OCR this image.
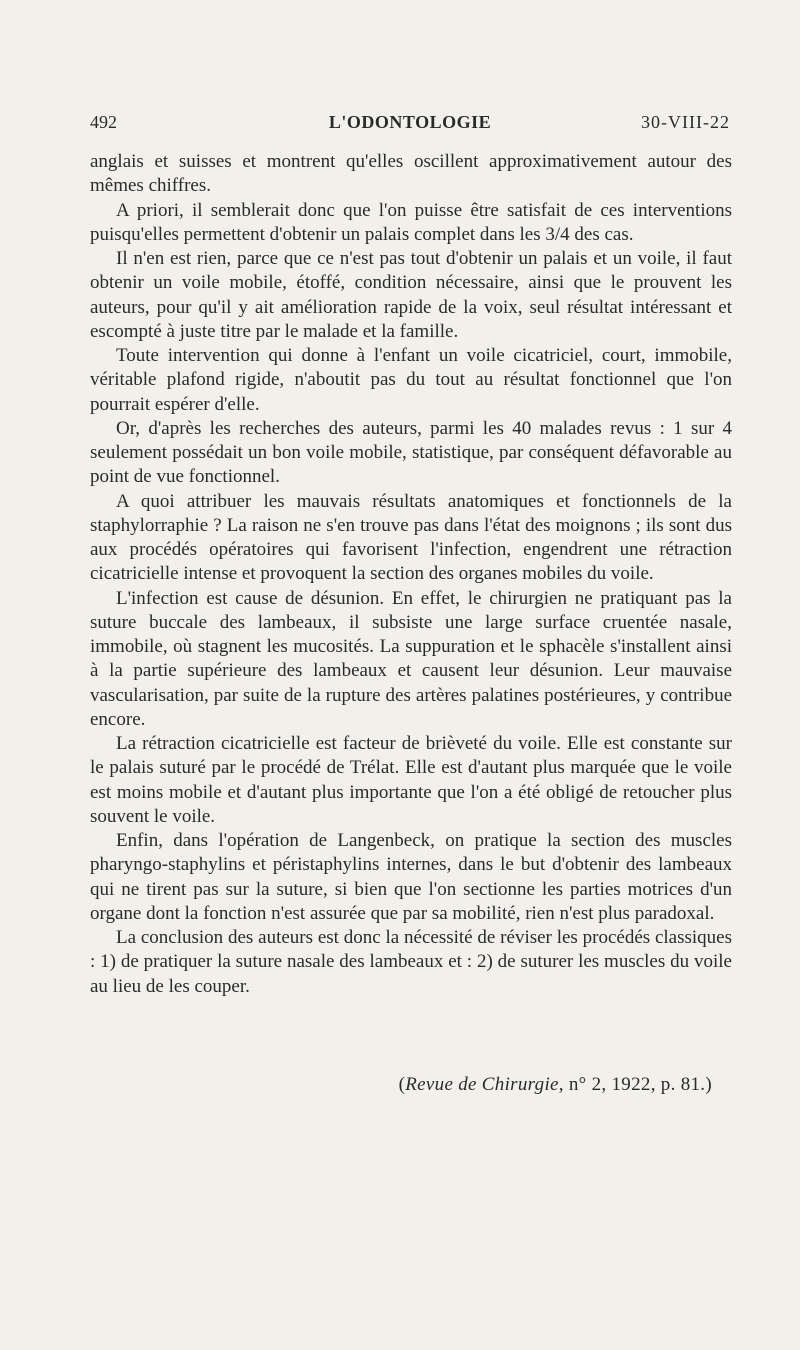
492	L'ODONTOLOGIE	30-VIII-22

anglais et suisses et montrent qu'elles oscillent approximativement autour des mêmes chiffres.

A priori, il semblerait donc que l'on puisse être satisfait de ces interventions puisqu'elles permettent d'obtenir un palais complet dans les 3/4 des cas.

Il n'en est rien, parce que ce n'est pas tout d'obtenir un palais et un voile, il faut obtenir un voile mobile, étoffé, condition nécessaire, ainsi que le prouvent les auteurs, pour qu'il y ait amélioration rapide de la voix, seul résultat intéressant et escompté à juste titre par le malade et la famille.

Toute intervention qui donne à l'enfant un voile cicatriciel, court, immobile, véritable plafond rigide, n'aboutit pas du tout au résultat fonctionnel que l'on pourrait espérer d'elle.

Or, d'après les recherches des auteurs, parmi les 40 malades revus : 1 sur 4 seulement possédait un bon voile mobile, statistique, par conséquent défavorable au point de vue fonctionnel.

A quoi attribuer les mauvais résultats anatomiques et fonctionnels de la staphylorraphie ? La raison ne s'en trouve pas dans l'état des moignons ; ils sont dus aux procédés opératoires qui favorisent l'infection, engendrent une rétraction cicatricielle intense et provoquent la section des organes mobiles du voile.

L'infection est cause de désunion. En effet, le chirurgien ne pratiquant pas la suture buccale des lambeaux, il subsiste une large surface cruentée nasale, immobile, où stagnent les mucosités. La suppuration et le sphacèle s'installent ainsi à la partie supérieure des lambeaux et causent leur désunion. Leur mauvaise vascularisation, par suite de la rupture des artères palatines postérieures, y contribue encore.

La rétraction cicatricielle est facteur de brièveté du voile. Elle est constante sur le palais suturé par le procédé de Trélat. Elle est d'autant plus marquée que le voile est moins mobile et d'autant plus importante que l'on a été obligé de retoucher plus souvent le voile.

Enfin, dans l'opération de Langenbeck, on pratique la section des muscles pharyngo-staphylins et péristaphylins internes, dans le but d'obtenir des lambeaux qui ne tirent pas sur la suture, si bien que l'on sectionne les parties motrices d'un organe dont la fonction n'est assurée que par sa mobilité, rien n'est plus paradoxal.

La conclusion des auteurs est donc la nécessité de réviser les procédés classiques : 1) de pratiquer la suture nasale des lambeaux et : 2) de suturer les muscles du voile au lieu de les couper.

(Revue de Chirurgie, n° 2, 1922, p. 81.)
